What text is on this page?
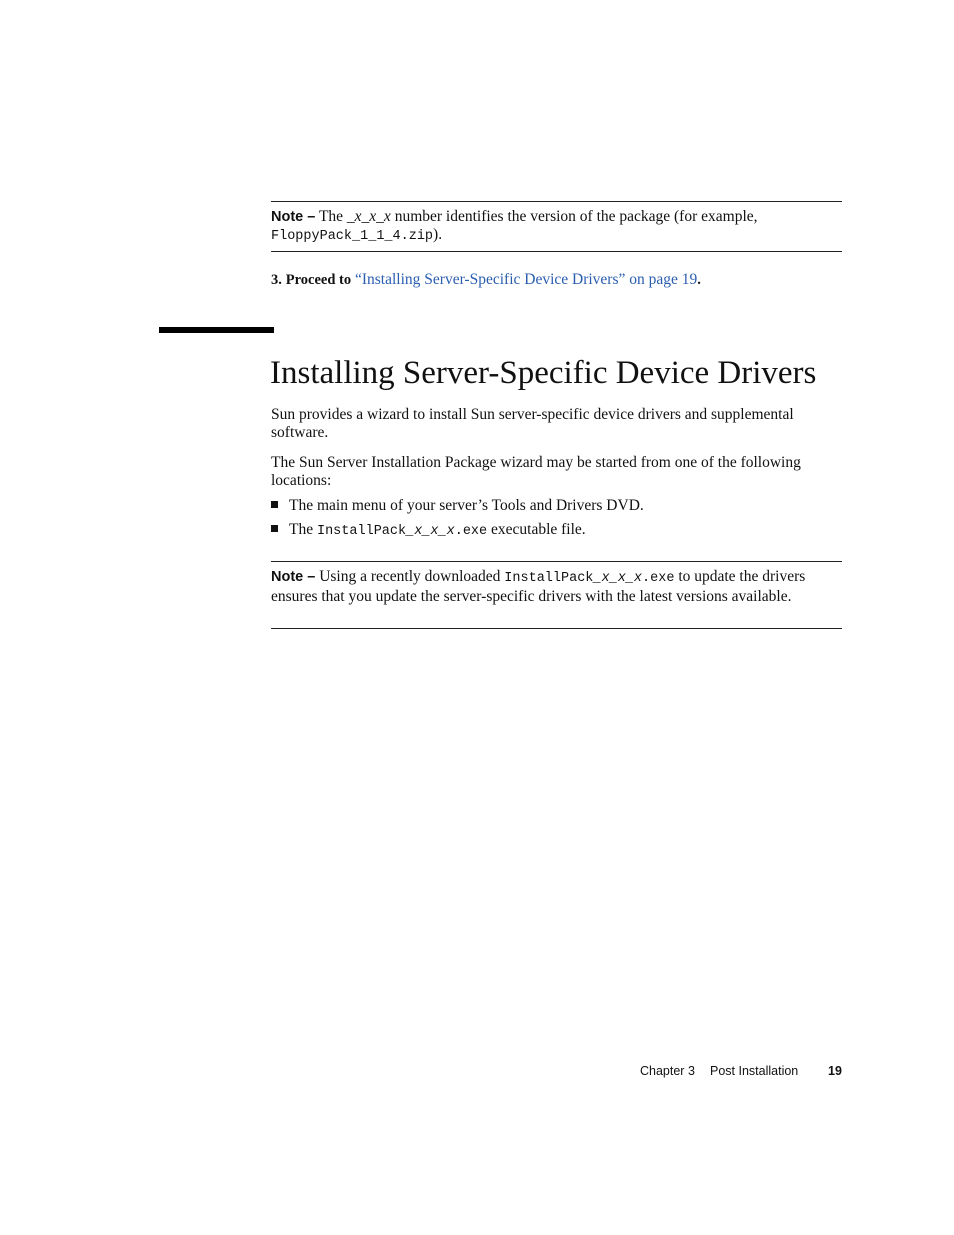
Note – The _x_x_x number identifies the version of the package (for example,
FloppyPack_1_1_4.zip).
3. Proceed to “Installing Server-Specific Device Drivers” on page 19.
Installing Server-Specific Device Drivers

Sun provides a wizard to install Sun server-specific device drivers and supplemental software.

The Sun Server Installation Package wizard may be started from one of the following locations:

The main menu of your server’s Tools and Drivers DVD.
The InstallPack_x_x_x.exe executable file.
Note – Using a recently downloaded InstallPack_x_x_x.exe to update the drivers ensures that you update the server-specific drivers with the latest versions available.
Chapter 3 Post Installation 19
